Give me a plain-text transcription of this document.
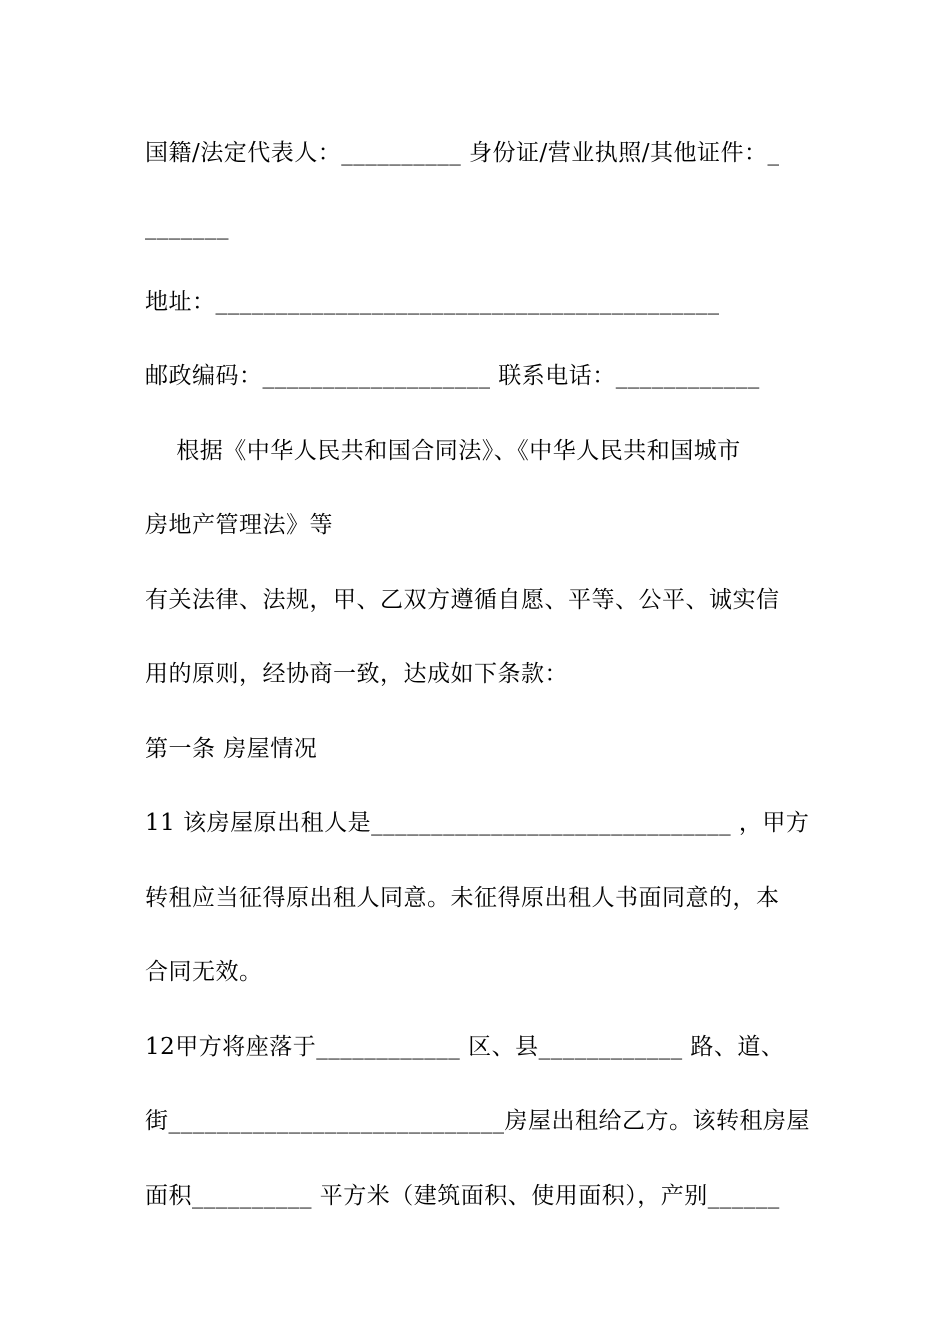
国籍/法定代表人：__________ 身份证/营业执照/其他证件：_
_______
地址：__________________________________________
邮政编码：___________________ 联系电话：____________
根据《中华人民共和国合同法》、《中华人民共和国城市
房地产管理法》等
有关法律、法规，甲、乙双方遵循自愿、平等、公平、诚实信
用的原则，经协商一致，达成如下条款：
第一条 房屋情况
11 该房屋原出租人是______________________________ ，甲方
转租应当征得原出租人同意。未征得原出租人书面同意的，本
合同无效。
12甲方将座落于____________ 区、县____________ 路、道、
街____________________________房屋出租给乙方。该转租房屋
面积__________ 平方米（建筑面积、使用面积），产别______
